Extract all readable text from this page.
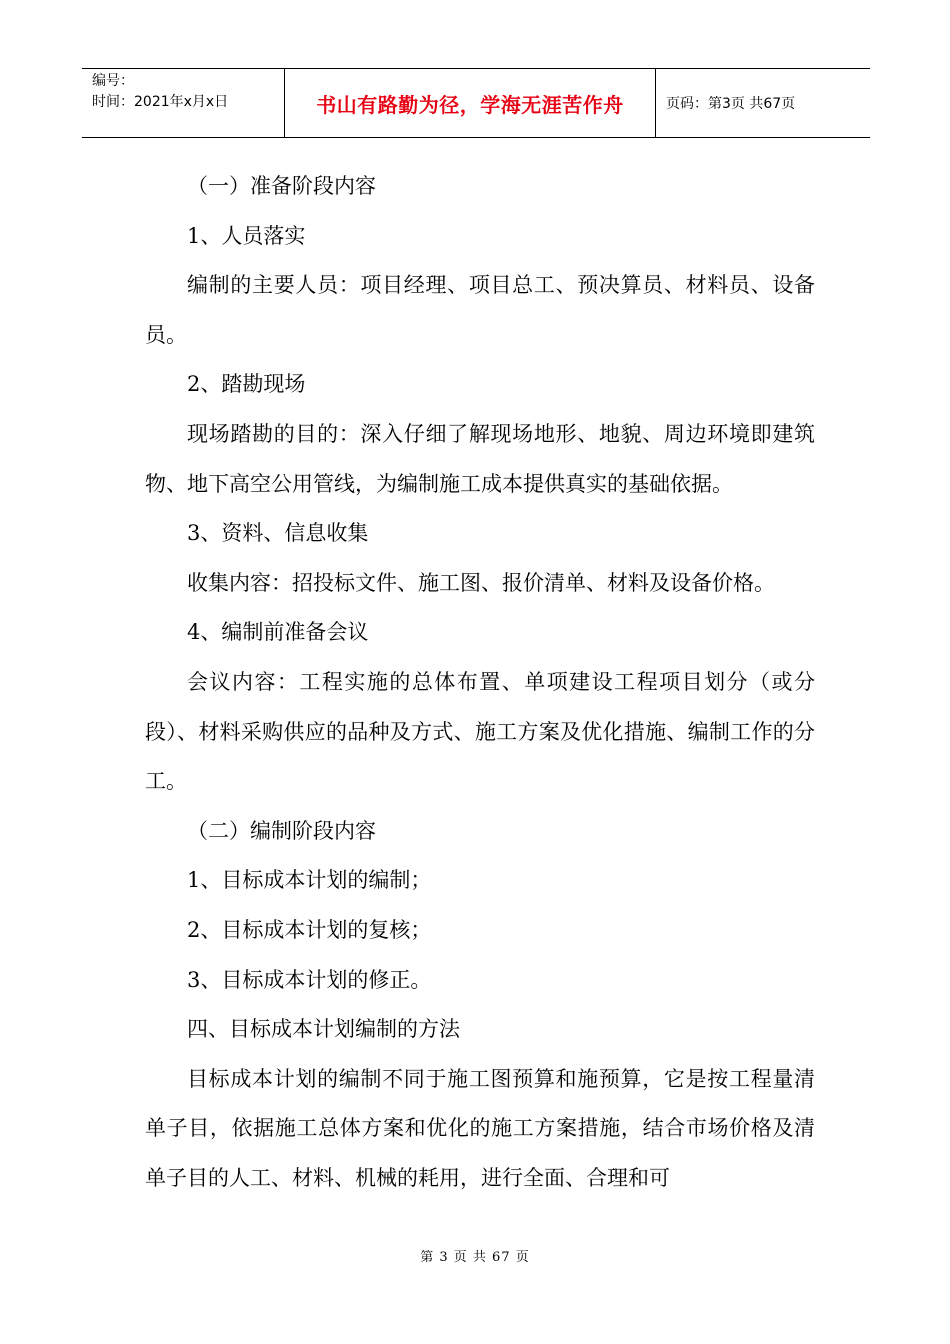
编号：
时间：2021年x月x日	书山有路勤为径，学海无涯苦作舟	页码：第3页 共67页

（一）准备阶段内容

1、人员落实

编制的主要人员：项目经理、项目总工、预决算员、材料员、设备员。

2、踏勘现场

现场踏勘的目的：深入仔细了解现场地形、地貌、周边环境即建筑物、地下高空公用管线，为编制施工成本提供真实的基础依据。

3、资料、信息收集

收集内容：招投标文件、施工图、报价清单、材料及设备价格。

4、编制前准备会议

会议内容：工程实施的总体布置、单项建设工程项目划分（或分段）、材料采购供应的品种及方式、施工方案及优化措施、编制工作的分工。

（二）编制阶段内容

1、目标成本计划的编制；

2、目标成本计划的复核；

3、目标成本计划的修正。

四、目标成本计划编制的方法

目标成本计划的编制不同于施工图预算和施预算，它是按工程量清单子目，依据施工总体方案和优化的施工方案措施，结合市场价格及清单子目的人工、材料、机械的耗用，进行全面、合理和可

第 3 页 共 67 页
